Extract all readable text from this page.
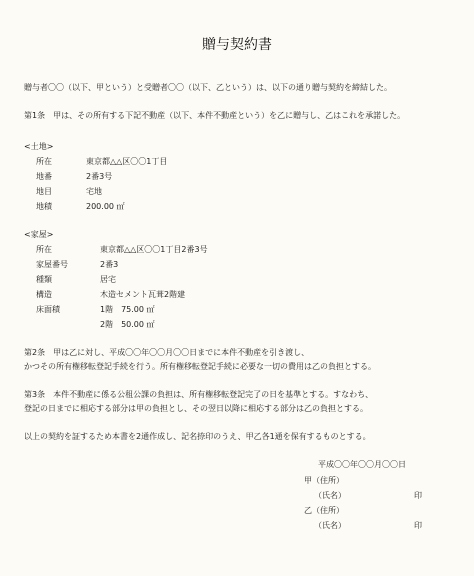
贈与契約書
贈与者〇〇（以下、甲という）と受贈者〇〇（以下、乙という）は、以下の通り贈与契約を締結した。
第1条　甲は、その所有する下記不動産（以下、本件不動産という）を乙に贈与し、乙はこれを承諾した。
<土地>
所在	東京都△△区〇〇1丁目
地番	2番3号
地目	宅地
地積	200.00 ㎡
<家屋>
所在	東京都△△区〇〇1丁目2番3号
家屋番号	2番3
種類	居宅
構造	木造セメント瓦葺2階建
床面積	1階　75.00 ㎡
2階　50.00 ㎡
第2条　甲は乙に対し、平成〇〇年〇〇月〇〇日までに本件不動産を引き渡し、
かつその所有権移転登記手続を行う。所有権移転登記手続に必要な一切の費用は乙の負担とする。
第3条　本件不動産に係る公租公課の負担は、所有権移転登記完了の日を基準とする。すなわち、
登記の日までに相応する部分は甲の負担とし、その翌日以降に相応する部分は乙の負担とする。
以上の契約を証するため本書を2通作成し、記名捺印のうえ、甲乙各1通を保有するものとする。
平成〇〇年〇〇月〇〇日
甲（住所）
（氏名）	印
乙（住所）
（氏名）	印
